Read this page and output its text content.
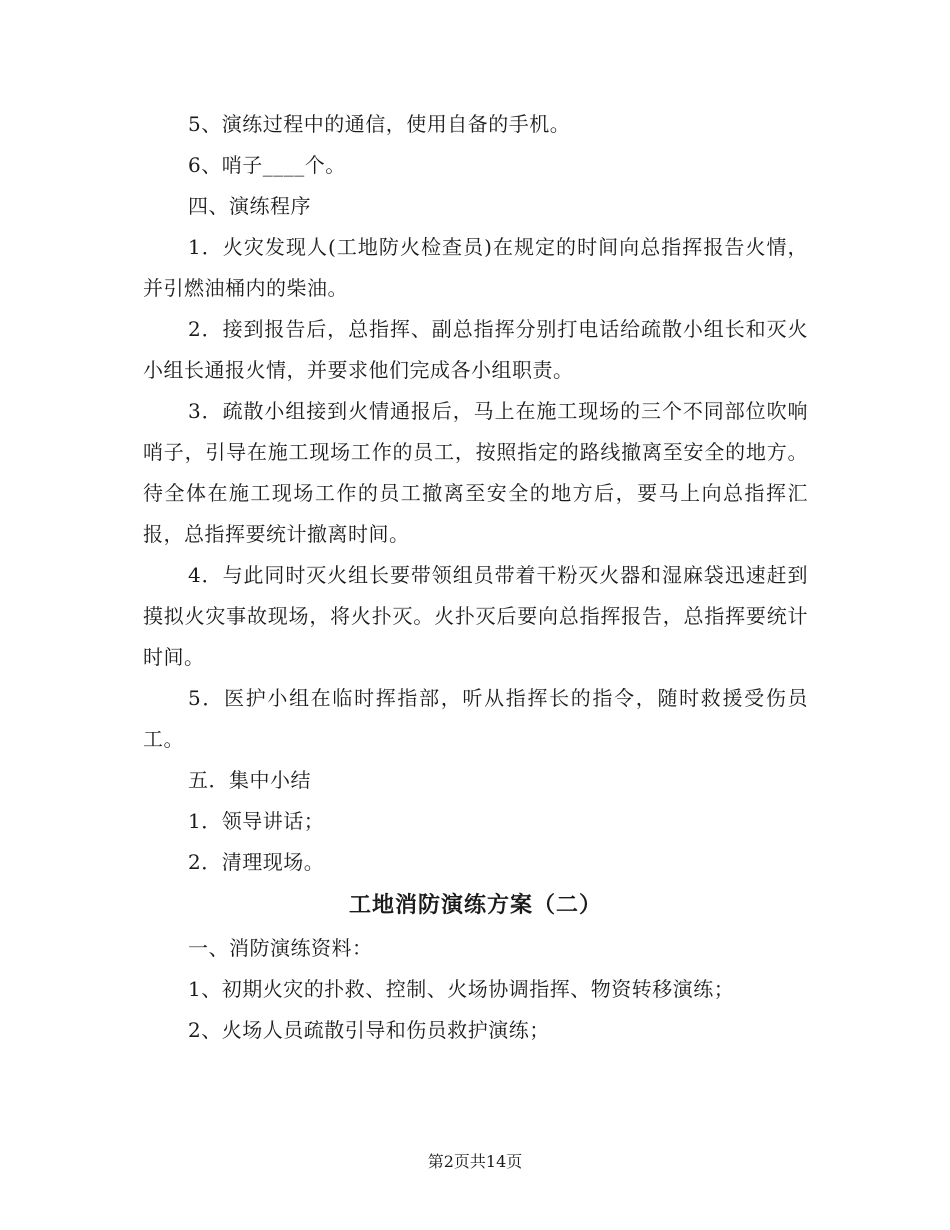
5、演练过程中的通信，使用自备的手机。

6、哨子____个。

四、演练程序

1．火灾发现人(工地防火检查员)在规定的时间向总指挥报告火情，并引燃油桶内的柴油。

2．接到报告后，总指挥、副总指挥分别打电话给疏散小组长和灭火小组长通报火情，并要求他们完成各小组职责。

3．疏散小组接到火情通报后，马上在施工现场的三个不同部位吹响哨子，引导在施工现场工作的员工，按照指定的路线撤离至安全的地方。待全体在施工现场工作的员工撤离至安全的地方后，要马上向总指挥汇报，总指挥要统计撤离时间。

4．与此同时灭火组长要带领组员带着干粉灭火器和湿麻袋迅速赶到摸拟火灾事故现场，将火扑灭。火扑灭后要向总指挥报告，总指挥要统计时间。

5．医护小组在临时挥指部，听从指挥长的指令，随时救援受伤员工。

五．集中小结

1．领导讲话；

2．清理现场。

工地消防演练方案（二）

一、消防演练资料：

1、初期火灾的扑救、控制、火场协调指挥、物资转移演练；

2、火场人员疏散引导和伤员救护演练；

第2页共14页
